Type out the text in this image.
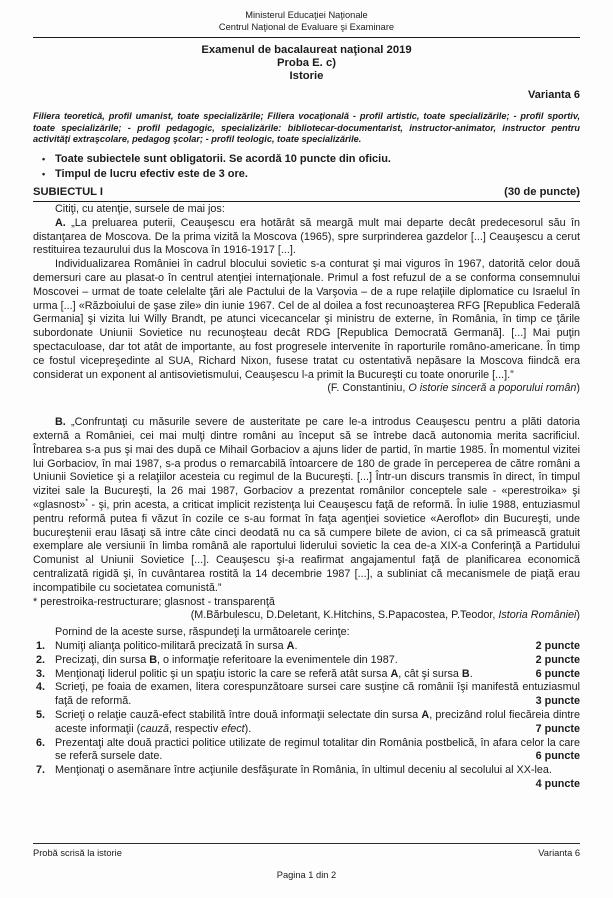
Ministerul Educaţiei Naţionale
Centrul Naţional de Evaluare şi Examinare
Examenul de bacalaureat naţional 2019
Proba E. c)
Istorie
Varianta 6
Filiera teoretică, profil umanist, toate specializările; Filiera vocaţională - profil artistic, toate specializările; - profil sportiv, toate specializările; - profil pedagogic, specializările: bibliotecar-documentarist, instructor-animator, instructor pentru activităţi extraşcolare, pedagog şcolar; - profil teologic, toate specializările.
• Toate subiectele sunt obligatorii. Se acordă 10 puncte din oficiu.
• Timpul de lucru efectiv este de 3 ore.
SUBIECTUL I	(30 de puncte)

Citiţi, cu atenţie, sursele de mai jos:

A. „La preluarea puterii, Ceauşescu era hotărât să meargă mult mai departe decât predecesorul său în distanţarea de Moscova. De la prima vizită la Moscova (1965), spre surprinderea gazdelor [...] Ceauşescu a cerut restituirea tezaurului dus la Moscova în 1916-1917 [...].

Individualizarea României în cadrul blocului sovietic s-a conturat şi mai viguros în 1967, datorită celor două demersuri care au plasat-o în centrul atenţiei internaţionale. Primul a fost refuzul de a se conforma consemnului Moscovei – urmat de toate celelalte ţări ale Pactului de la Varşovia – de a rupe relaţiile diplomatice cu Israelul în urma [...] «Războiului de şase zile» din iunie 1967. Cel de al doilea a fost recunoaşterea RFG [Republica Federală Germania] şi vizita lui Willy Brandt, pe atunci vicecancelar şi ministru de externe, în România, în timp ce ţările subordonate Uniunii Sovietice nu recunoşteau decât RDG [Republica Democrată Germană]. [...] Mai puţin spectaculoase, dar tot atât de importante, au fost progresele intervenite în raporturile româno-americane. În timp ce fostul vicepreşedinte al SUA, Richard Nixon, fusese tratat cu ostentativă nepăsare la Moscova fiindcă era considerat un exponent al antisovietismului, Ceauşescu l-a primit la Bucureşti cu toate onorurile [...].”
(F. Constantiniu, O istorie sinceră a poporului român)

B. „Confruntaţi cu măsurile severe de austeritate pe care le-a introdus Ceauşescu pentru a plăti datoria externă a României, cei mai mulţi dintre români au început să se întrebe dacă autonomia merita sacrificiul. Întrebarea s-a pus şi mai des după ce Mihail Gorbaciov a ajuns lider de partid, în martie 1985. În momentul vizitei lui Gorbaciov, în mai 1987, s-a produs o remarcabilă întoarcere de 180 de grade în perceperea de către români a Uniunii Sovietice şi a relaţiilor acesteia cu regimul de la Bucureşti. [...] Într-un discurs transmis în direct, în timpul vizitei sale la Bucureşti, la 26 mai 1987, Gorbaciov a prezentat românilor conceptele sale - «perestroika» şi «glasnost»* - şi, prin acesta, a criticat implicit rezistenţa lui Ceauşescu faţă de reformă. În iulie 1988, entuziasmul pentru reformă putea fi văzut în cozile ce s-au format în faţa agenţiei sovietice «Aeroflot» din Bucureşti, unde bucureştenii erau lăsaţi să intre câte cinci deodată nu ca să cumpere bilete de avion, ci ca să primească gratuit exemplare ale versiunii în limba română ale raportului liderului sovietic la cea de-a XIX-a Conferinţă a Partidului Comunist al Uniunii Sovietice [...]. Ceauşescu şi-a reafirmat angajamentul faţă de planificarea economică centralizată rigidă şi, în cuvântarea rostită la 14 decembrie 1987 [...], a subliniat că mecanismele de piaţă erau incompatibile cu societatea comunistă.”

* perestroika-restructurare; glasnost - transparenţă

(M.Bărbulescu, D.Deletant, K.Hitchins, S.Papacostea, P.Teodor, Istoria României)

Pornind de la aceste surse, răspundeţi la următoarele cerinţe:

1. Numiţi alianţa politico-militară precizată în sursa A.	2 puncte
2. Precizaţi, din sursa B, o informaţie referitoare la evenimentele din 1987.	2 puncte
3. Menţionaţi liderul politic şi un spaţiu istoric la care se referă atât sursa A, cât şi sursa B.	6 puncte
4. Scrieţi, pe foaia de examen, litera corespunzătoare sursei care susţine că românii îşi manifestă entuziasmul faţă de reformă.	3 puncte
5. Scrieţi o relaţie cauză-efect stabilită între două informaţii selectate din sursa A, precizând rolul fiecăreia dintre aceste informaţii (cauză, respectiv efect).	7 puncte
6. Prezentaţi alte două practici politice utilizate de regimul totalitar din România postbelică, în afara celor la care se referă sursele date.	6 puncte
7. Menţionaţi o asemănare între acţiunile desfăşurate în România, în ultimul deceniu al secolului al XX-lea.
4 puncte
Probă scrisă la istorie	Varianta 6
Pagina 1 din 2
